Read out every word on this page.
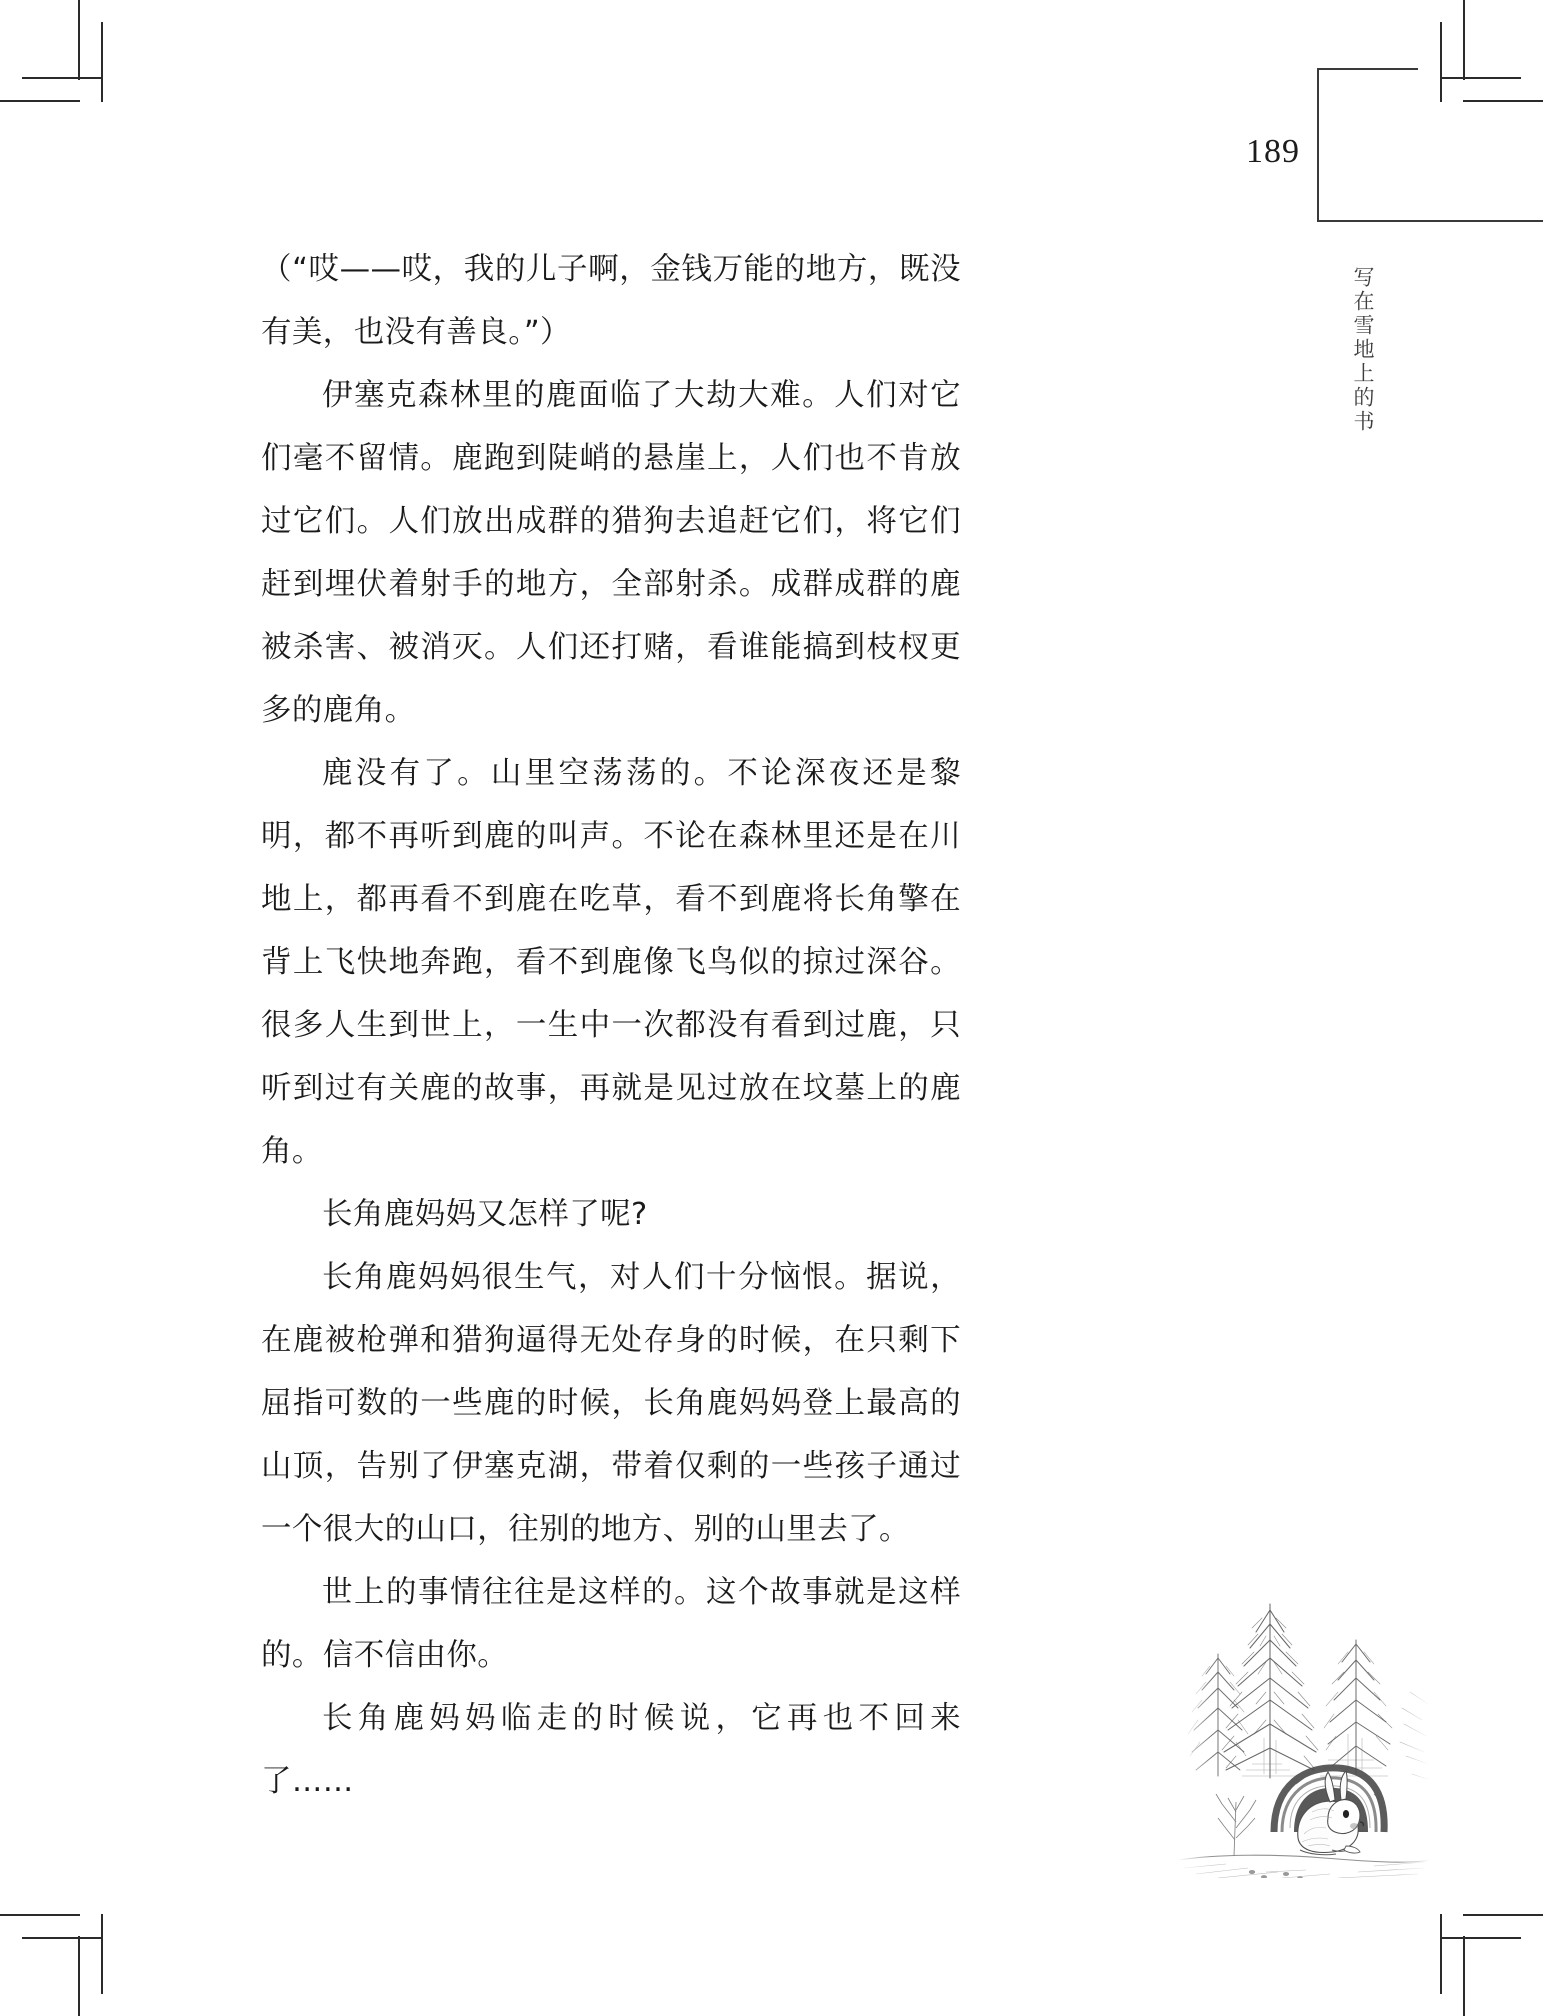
189
写在雪地上的书

（“哎——哎，我的儿子啊，金钱万能的地方，既没有美，也没有善良。”）

伊塞克森林里的鹿面临了大劫大难。人们对它们毫不留情。鹿跑到陡峭的悬崖上，人们也不肯放过它们。人们放出成群的猎狗去追赶它们，将它们赶到埋伏着射手的地方，全部射杀。成群成群的鹿被杀害、被消灭。人们还打赌，看谁能搞到枝杈更多的鹿角。

鹿没有了。山里空荡荡的。不论深夜还是黎明，都不再听到鹿的叫声。不论在森林里还是在川地上，都再看不到鹿在吃草，看不到鹿将长角擎在背上飞快地奔跑，看不到鹿像飞鸟似的掠过深谷。很多人生到世上，一生中一次都没有看到过鹿，只听到过有关鹿的故事，再就是见过放在坟墓上的鹿角。

长角鹿妈妈又怎样了呢?

长角鹿妈妈很生气，对人们十分恼恨。据说，在鹿被枪弹和猎狗逼得无处存身的时候，在只剩下屈指可数的一些鹿的时候，长角鹿妈妈登上最高的山顶，告别了伊塞克湖，带着仅剩的一些孩子通过一个很大的山口，往别的地方、别的山里去了。

世上的事情往往是这样的。这个故事就是这样的。信不信由你。

长角鹿妈妈临走的时候说，它再也不回来了……
